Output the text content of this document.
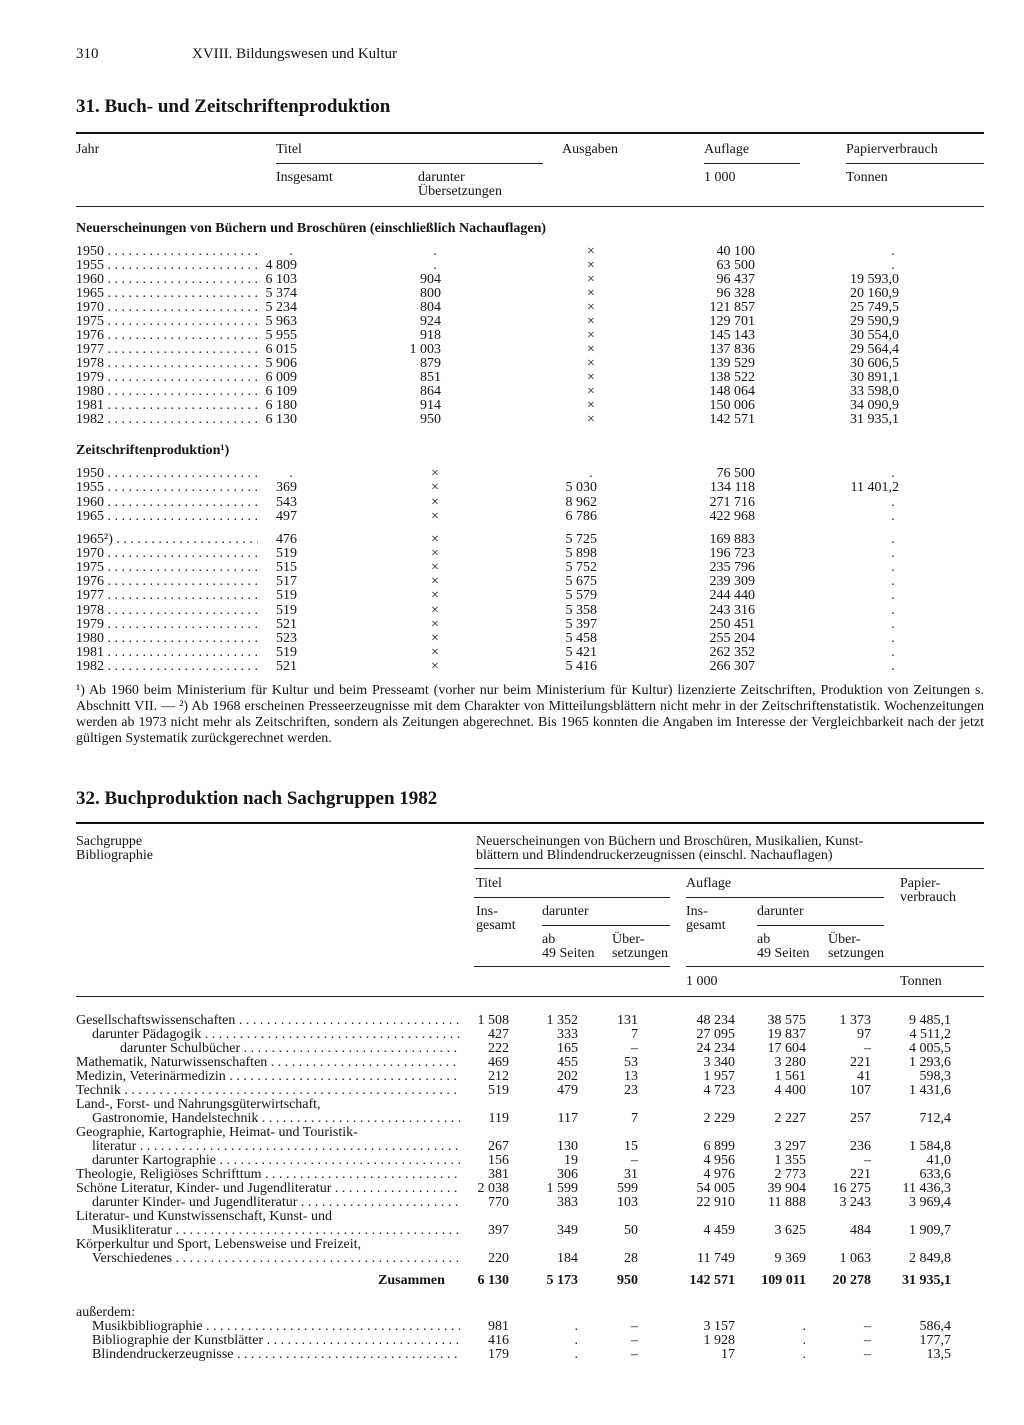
310	XVIII. Bildungswesen und Kultur
31. Buch- und Zeitschriftenproduktion
Jahr	Titel	Ausgaben	Auflage	Papierverbrauch
Insgesamt	darunter
Übersetzungen
1 000	Tonnen
Neuerscheinungen von Büchern und Broschüren (einschließlich Nachauflagen)
1950 . . .	.	.	×	40 100	.
1955 . . .	4 809	.	×	63 500	.
1960 . . .	6 103	904	×	96 437	19 593,0
1965 . . .	5 374	800	×	96 328	20 160,9
1970 . . .	5 234	804	×	121 857	25 749,5
1975 . . .	5 963	924	×	129 701	29 590,9
1976 . . .	5 955	918	×	145 143	30 554,0
1977 . . .	6 015	1 003	×	137 836	29 564,4
1978 . . .	5 906	879	×	139 529	30 606,5
1979 . . .	6 009	851	×	138 522	30 891,1
1980 . . .	6 109	864	×	148 064	33 598,0
1981 . . .	6 180	914	×	150 006	34 090,9
1982 . . .	6 130	950	×	142 571	31 935,1
Zeitschriftenproduktion¹)
1950 . . .	.	×	.	76 500	.
1955 . . .	369	×	5 030	134 118	11 401,2
1960 . . .	543	×	8 962	271 716	.
1965 . . .	497	×	6 786	422 968	.
1965²) . . .	476	×	5 725	169 883	.
1970 . . .	519	×	5 898	196 723	.
1975 . . .	515	×	5 752	235 796	.
1976 . . .	517	×	5 675	239 309	.
1977 . . .	519	×	5 579	244 440	.
1978 . . .	519	×	5 358	243 316	.
1979 . . .	521	×	5 397	250 451	.
1980 . . .	523	×	5 458	255 204	.
1981 . . .	519	×	5 421	262 352	.
1982 . . .	521	×	5 416	266 307	.
¹) Ab 1960 beim Ministerium für Kultur und beim Presseamt (vorher nur beim Ministerium für Kultur) lizenzierte Zeitschriften, Produktion von Zeitungen s. Abschnitt VII. — ²) Ab 1968 erscheinen Presseerzeugnisse mit dem Charakter von Mitteilungsblättern nicht mehr in der Zeitschriftenstatistik. Wochenzeitungen werden ab 1973 nicht mehr als Zeitschriften, sondern als Zeitungen abgerechnet. Bis 1965 konnten die Angaben im Interesse der Vergleichbarkeit nach der jetzt gültigen Systematik zurückgerechnet werden.
32. Buchproduktion nach Sachgruppen 1982
Sachgruppe
Bibliographie
Neuerscheinungen von Büchern und Broschüren, Musikalien, Kunst-
blättern und Blindendruckerzeugnissen (einschl. Nachauflagen)
Titel	Auflage	Papier-
verbrauch
Ins-
gesamt
darunter
ab
49 Seiten
Über-
setzungen
Ins-
gesamt
darunter
ab
49 Seiten
Über-
setzungen
1 000	Tonnen
Gesellschaftswissenschaften . . .	1 508	1 352	131	48 234	38 575	1 373	9 485,1
darunter Pädagogik . . .	427	333	7	27 095	19 837	97	4 511,2
darunter Schulbücher . . .	222	165	–	24 234	17 604	–	4 005,5
Mathematik, Naturwissenschaften . . .	469	455	53	3 340	3 280	221	1 293,6
Medizin, Veterinärmedizin . . .	212	202	13	1 957	1 561	41	598,3
Technik . . .	519	479	23	4 723	4 400	107	1 431,6
Land-, Forst- und Nahrungsgüterwirtschaft,
Gastronomie, Handelstechnik . . .	119	117	7	2 229	2 227	257	712,4
Geographie, Kartographie, Heimat- und Touristik-
literatur . . .	267	130	15	6 899	3 297	236	1 584,8
darunter Kartographie . . .	156	19	–	4 956	1 355	–	41,0
Theologie, Religiöses Schrifttum . . .	381	306	31	4 976	2 773	221	633,6
Schöne Literatur, Kinder- und Jugendliteratur . . .	2 038	1 599	599	54 005	39 904	16 275	11 436,3
darunter Kinder- und Jugendliteratur . . .	770	383	103	22 910	11 888	3 243	3 969,4
Literatur- und Kunstwissenschaft, Kunst- und
Musikliteratur . . .	397	349	50	4 459	3 625	484	1 909,7
Körperkultur und Sport, Lebensweise und Freizeit,
Verschiedenes . . .	220	184	28	11 749	9 369	1 063	2 849,8
Zusammen	6 130	5 173	950	142 571	109 011	20 278	31 935,1
außerdem:
Musikbibliographie . . .	981	.	–	3 157	.	–	586,4
Bibliographie der Kunstblätter . . .	416	.	–	1 928	.	–	177,7
Blindendruckerzeugnisse . . .	179	.	–	17	.	–	13,5
